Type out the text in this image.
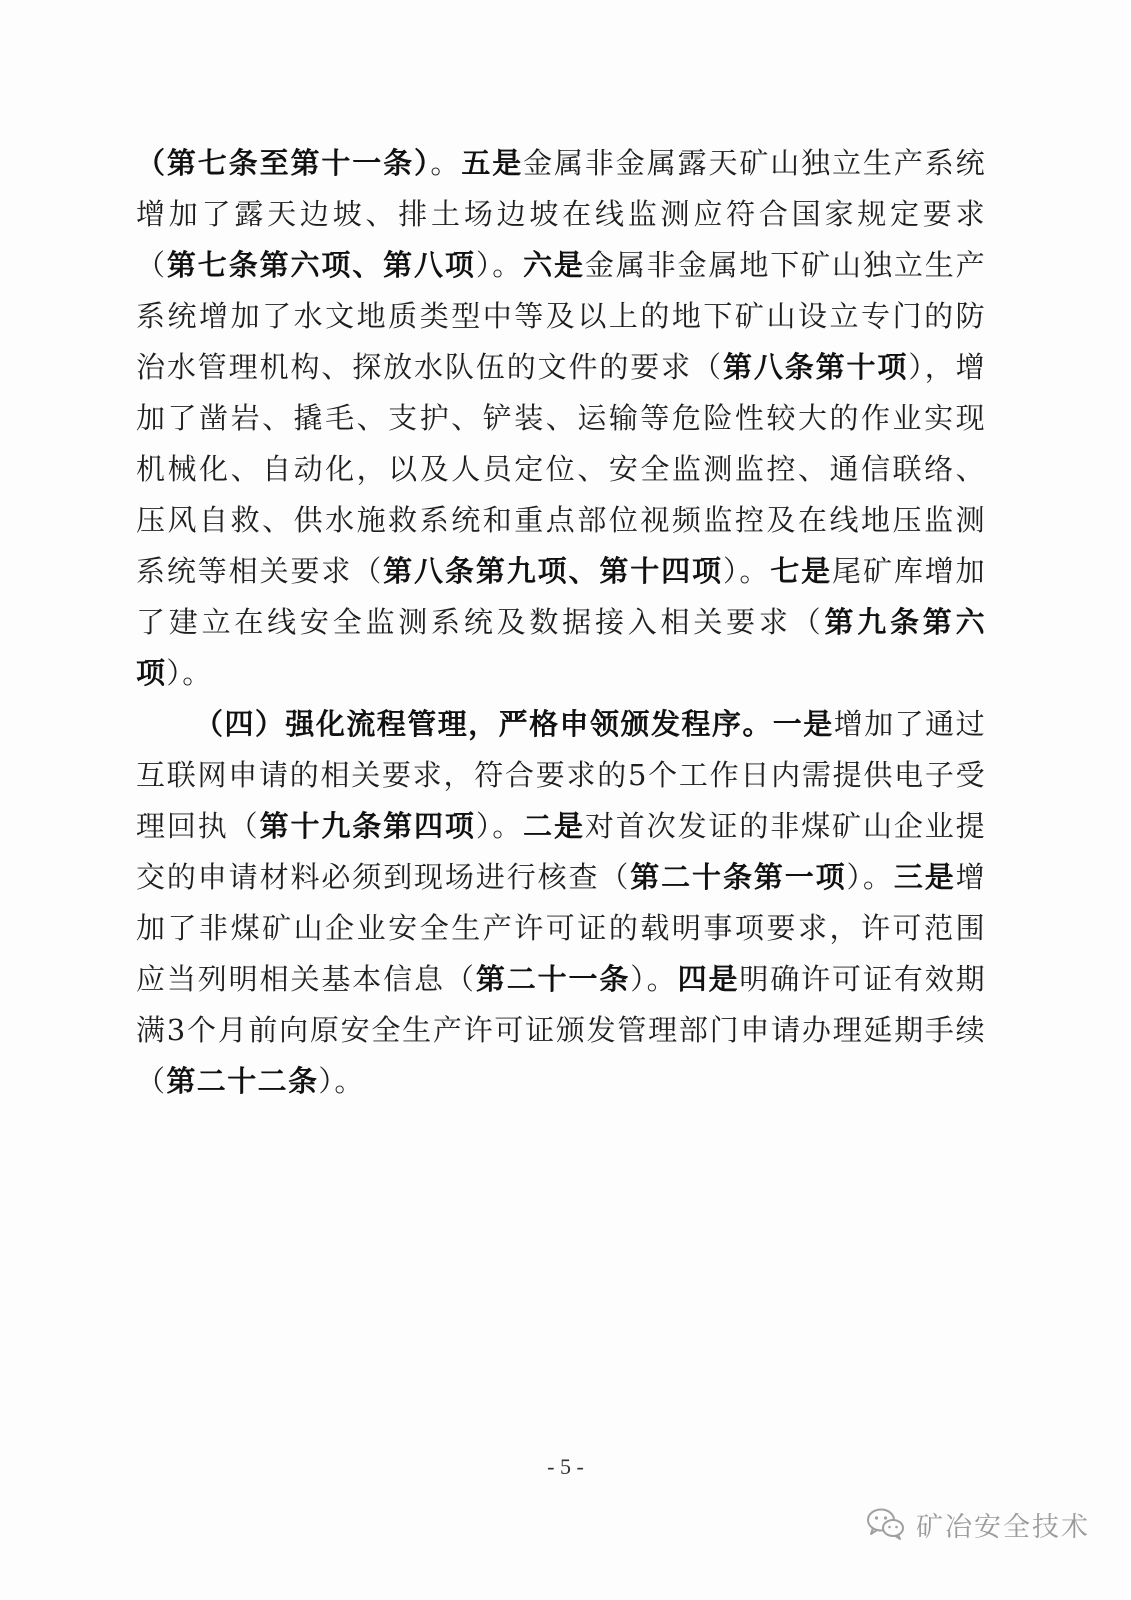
（第七条至第十一条）。五是金属非金属露天矿山独立生产系统增加了露天边坡、排土场边坡在线监测应符合国家规定要求（第七条第六项、第八项）。六是金属非金属地下矿山独立生产系统增加了水文地质类型中等及以上的地下矿山设立专门的防治水管理机构、探放水队伍的文件的要求（第八条第十项），增加了凿岩、撬毛、支护、铲装、运输等危险性较大的作业实现机械化、自动化，以及人员定位、安全监测监控、通信联络、压风自救、供水施救系统和重点部位视频监控及在线地压监测系统等相关要求（第八条第九项、第十四项）。七是尾矿库增加了建立在线安全监测系统及数据接入相关要求（第九条第六项）。

（四）强化流程管理，严格申领颁发程序。一是增加了通过互联网申请的相关要求，符合要求的5个工作日内需提供电子受理回执（第十九条第四项）。二是对首次发证的非煤矿山企业提交的申请材料必须到现场进行核查（第二十条第一项）。三是增加了非煤矿山企业安全生产许可证的载明事项要求，许可范围应当列明相关基本信息（第二十一条）。四是明确许可证有效期满3个月前向原安全生产许可证颁发管理部门申请办理延期手续（第二十二条）。

- 5 -
矿冶安全技术
